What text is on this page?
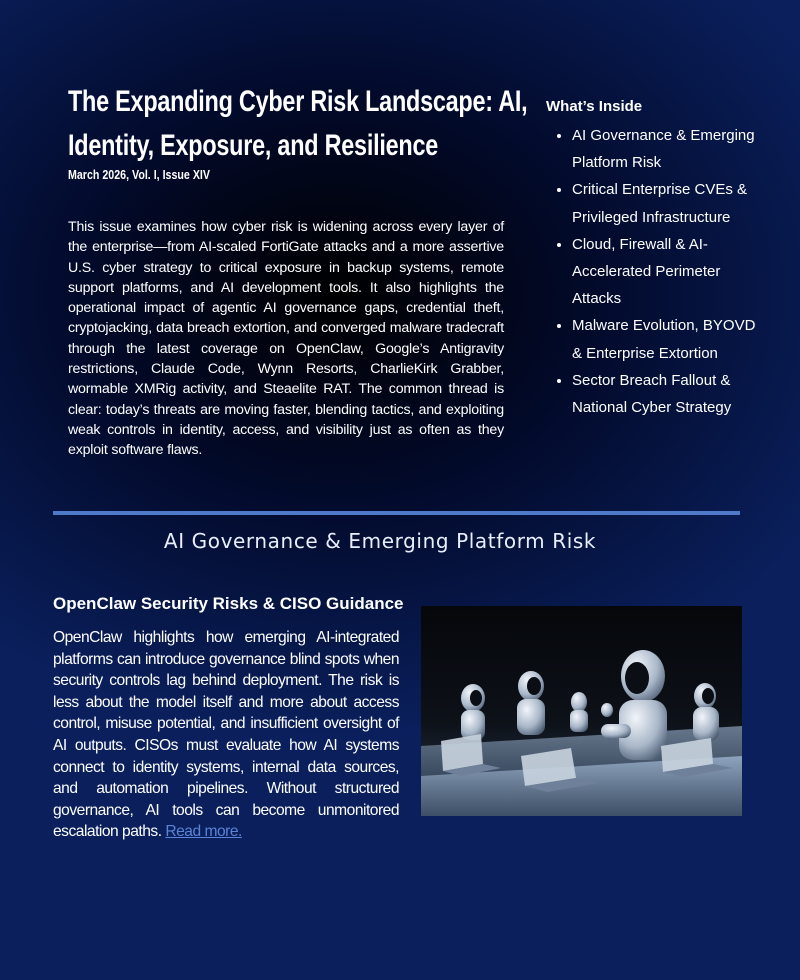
The Expanding Cyber Risk Landscape: AI, Identity, Exposure, and Resilience

March 2026, Vol. I, Issue XIV

This issue examines how cyber risk is widening across every layer of the enterprise—from AI-scaled FortiGate attacks and a more assertive U.S. cyber strategy to critical exposure in backup systems, remote support platforms, and AI development tools. It also highlights the operational impact of agentic AI governance gaps, credential theft, cryptojacking, data breach extortion, and converged malware tradecraft through the latest coverage on OpenClaw, Google’s Antigravity restrictions, Claude Code, Wynn Resorts, CharlieKirk Grabber, wormable XMRig activity, and Steaelite RAT. The common thread is clear: today’s threats are moving faster, blending tactics, and exploiting weak controls in identity, access, and visibility just as often as they exploit software flaws.

What’s Inside
• AI Governance & Emerging Platform Risk
• Critical Enterprise CVEs & Privileged Infrastructure
• Cloud, Firewall & AI-Accelerated Perimeter Attacks
• Malware Evolution, BYOVD & Enterprise Extortion
• Sector Breach Fallout & National Cyber Strategy
AI Governance & Emerging Platform Risk
OpenClaw Security Risks & CISO Guidance

OpenClaw highlights how emerging AI-integrated platforms can introduce governance blind spots when security controls lag behind deployment. The risk is less about the model itself and more about access control, misuse potential, and insufficient oversight of AI outputs. CISOs must evaluate how AI systems connect to identity systems, internal data sources, and automation pipelines. Without structured governance, AI tools can become unmonitored escalation paths. Read more.
